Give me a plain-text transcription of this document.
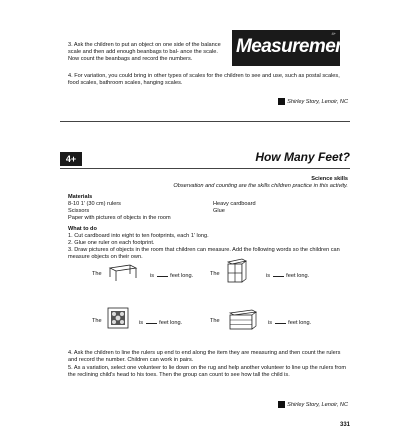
4+
Measurement
3. Ask the children to put an object on one side of the balance scale and then add enough beanbags to bal- ance the scale. Now count the beanbags and record the numbers.
4. For variation, you could bring in other types of scales for the children to see and use, such as postal scales, food scales, bathroom scales, hanging scales.
Shirley Story, Lenoir, NC
4+	How Many Feet?
Science skills
Observation and counting are the skills children practice in this activity.
Materials
8-10 1' (30 cm) rulers
Scissors
Paper with pictures of objects in the room
Heavy cardboard
Glue
What to do
1. Cut cardboard into eight to ten footprints, each 1' long.
2. Glue one ruler on each footprint.
3. Draw pictures of objects in the room that children can measure. Add the following words so the children can measure objects on their own.
The	is	feet long.	The	is	feet long.
The	is	feet long.	The	is	feet long.
4. Ask the children to line the rulers up end to end along the item they are measuring and then count the rulers and record the number. Children can work in pairs.
5. As a variation, select one volunteer to lie down on the rug and help another volunteer to line up the rulers from the reclining child's head to his toes. Then the group can count to see how tall the child is.
Shirley Story, Lenoir, NC
331
